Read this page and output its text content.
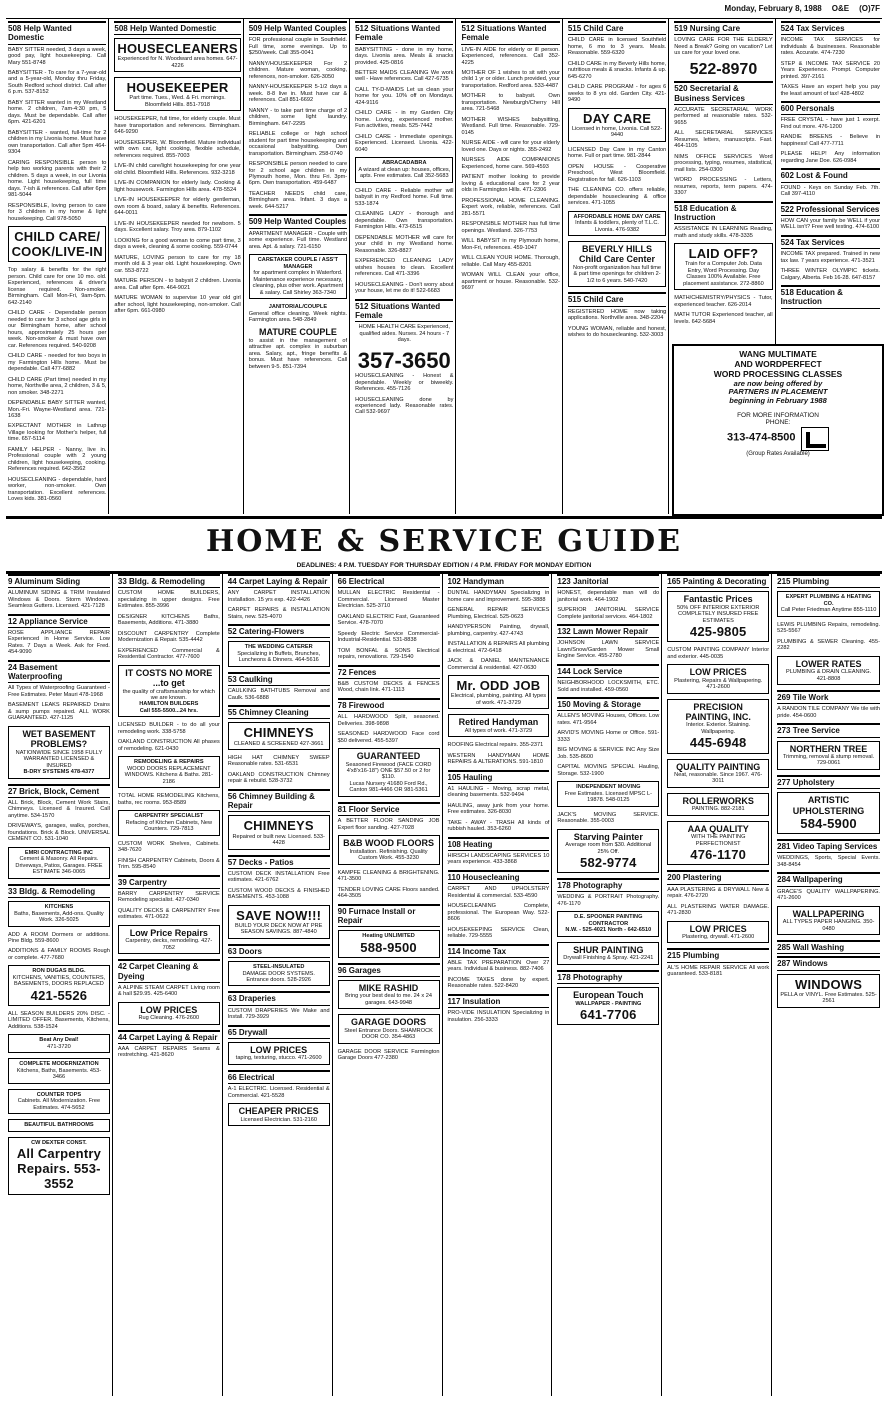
Monday, February 8, 1988 O&E (O)7F
508 Help Wanted Domestic

BABY SITTER needed, 3 days a week, good pay, light housekeeping. Call Mary 551-8748

BABYSITTER - To care for a 7-year-old and a 5-year-old, Monday thru Friday, South Redford school district. Call after 6 p.m. 537-8152

BABY SITTER wanted in my Westland home. 2 children, 7am-4:30 pm, 5 days. Must be dependable. Call after 6pm. 421-6201

BABYSITTER - wanted, full-time for 2 children in my Livonia home. Must have own transportation. Call after 5pm 464-9304

CARING RESPONSIBLE person to help two working parents with their 2 children. 5 days a week, in our Livonia home. Light housekeeping, full time days. 7-ish & references. Call after 6pm 981-5044

RESPONSIBLE, loving person to care for 3 children in my home & light housekeeping. Call 978-5050

CHILD CARE/ COOK/LIVE-IN

Top salary & benefits for the right person. Child care for one 10 mo. old. Experienced, references & driver's license required. Non-smoker. Birmingham. Call Mon-Fri, 9am-5pm. 642-2140

CHILD CARE - Dependable person needed to care for 3 school age girls in our Birmingham home, after school hours, approximately 25 hours per week. Non-smoker & must have own car. References required. 540-9208

CHILD CARE - needed for two boys in my Farmington Hills home. Must be dependable. Call 477-6882

CHILD CARE (Part time) needed in my home, Northville area, 2 children, 3 & 5, non smoker. 348-2271

DEPENDABLE BABY SITTER wanted, Mon.-Fri. Wayne-Westland area. 721-1638

EXPECTANT MOTHER in Lathrup Village looking for Mother's helper, full time. 657-5114

FAMILY HELPER - Nanny, live in. Professional couple with 2 young children, light housekeeping, cooking. References required. 642-3562

HOUSECLEANING - dependable, hard worker, non-smoker. Own transportation. Excellent references. Loves kids. 381-0560

508 Help Wanted Domestic
HOUSECLEANERS
Experienced for N. Woodward area homes. 647-4226
HOUSEKEEPER
Part time. Tues., Wed. & Fri. mornings. Bloomfield Hills. 851-7918

HOUSEKEEPER, full time, for elderly couple. Must have transportation and references. Birmingham. 646-9290

HOUSEKEEPER, W. Bloomfield. Mature individual with own car, light cooking, flexible schedule, references required. 855-7003

LIVE-IN child care/light housekeeping for one year old child. Bloomfield Hills. References. 932-3218

LIVE-IN COMPANION for elderly lady. Cooking & light housework. Farmington Hills area. 478-5524

LIVE-IN HOUSEKEEPER for elderly gentleman, own room & board, salary & benefits. References. 644-0011

LIVE-IN HOUSEKEEPER needed for newborn. 5 days. Excellent salary. Troy area. 879-1102

LOOKING for a good woman to come part time, 3 days a week, cleaning & some cooking. 559-0744

MATURE, LOVING person to care for my 18 month old & 3 year old. Light housekeeping. Own car. 553-8722

MATURE PERSON - to babysit 2 children. Livonia area. Call after 6pm. 464-9021

MATURE WOMAN to supervise 10 year old girl after school, light housekeeping, non-smoker. Call after 6pm. 661-0980

509 Help Wanted Couples

FOR professional couple in Southfield. Full time, some evenings. Up to $250/week. Call 355-0041

NANNY/HOUSEKEEPER For 2 children. Mature woman, cooking, references, non-smoker. 626-3050

NANNY-HOUSEKEEPER 5-1/2 days a week. 8-8 live in. Must have car & references. Call 851-6692

NANNY - to take part time charge of 2 children, some light laundry. Birmingham. 647-2295

RELIABLE college or high school student for part time housekeeping and occasional babysitting. Own transportation. Birmingham. 258-0740

RESPONSIBLE person needed to care for 2 school age children in my Plymouth home, Mon. thru Fri. 3pm-6pm. Own transportation. 459-6487

TEACHER NEEDS child care, Birmingham area. Infant. 3 days a week. 644-5217

509 Help Wanted Couples

APARTMENT MANAGER - Couple with some experience. Full time. Westland area. Apt. & salary. 721-6150

CARETAKER COUPLE / ASS'T MANAGER
for apartment complex in Waterford. Maintenance experience necessary, cleaning, plus other work. Apartment & salary. Call Shirley 363-7340
JANITORIAL/COUPLE

General office cleaning. Week nights. Farmington area. 548-2849

MATURE COUPLE

to assist in the management of attractive apt. complex in suburban area. Salary, apt., fringe benefits & bonus. Must have references. Call between 9-5. 851-7394

512 Situations Wanted Female

BABYSITTING - done in my home, days. Livonia area. Meals & snacks provided. 425-0816

BETTER MAIDS CLEANING We work well - Have references. Call 427-6735

CALL TY-D-MAIDS Let us clean your home for you. 10% off on Mondays. 424-9116

CHILD CARE - in my Garden City home. Loving, experienced mother. Fun activities, meals. 525-7442

CHILD CARE - Immediate openings. Experienced. Licensed. Livonia. 422-6040

ABRACADABRA
A wizard at clean up: houses, offices, apts. Free estimates. Call 352-5683

CHILD CARE - Reliable mother will babysit in my Redford home. Full time. 533-1874

CLEANING LADY - thorough and dependable. Own transportation. Farmington Hills. 473-6515

DEPENDABLE MOTHER will care for your child in my Westland home. Reasonable. 326-8827

EXPERIENCED CLEANING LADY wishes houses to clean. Excellent references. Call 471-3396

HOUSECLEANING - Don't worry about your house, let me do it! 522-6683

512 Situations Wanted Female

HOME HEALTH CARE Experienced, qualified aides. Nurses. 24 hours - 7 days.

357-3650

HOUSECLEANING - Honest & dependable. Weekly or biweekly. References. 455-7126

HOUSECLEANING done by experienced lady. Reasonable rates. Call 532-9697

512 Situations Wanted Female

LIVE-IN AIDE for elderly or ill person. Experienced, references. Call 352-4225

MOTHER OF 1 wishes to sit with your child 1 yr or older. Lunch provided, your transportation. Redford area. 533-4487

MOTHER to babysit. Own transportation. Newburgh/Cherry Hill area. 721-5468

MOTHER WISHES babysitting, Westland. Full time. Reasonable. 729-0145

NURSE AIDE - will care for your elderly loved one. Days or nights. 355-2492

NURSES AIDE COMPANIONS Experienced, home care. 569-4593

PATIENT mother looking to provide loving & educational care for 2 year olds in Farmington Hills. 471-2306

PROFESSIONAL HOME CLEANING. Expert work, reliable, references. Call 281-5571

RESPONSIBLE MOTHER has full time openings. Westland. 326-7753

WILL BABYSIT in my Plymouth home, Mon-Fri, references. 459-1047

WILL CLEAN YOUR HOME. Thorough, reliable. Call Mary 455-8201

WOMAN WILL CLEAN your office, apartment or house. Reasonable. 532-9697

515 Child Care

CHILD CARE in licensed Southfield home, 6 mo to 3 years. Meals. Reasonable. 559-6320

CHILD CARE in my Beverly Hills home, nutritious meals & snacks. Infants & up. 645-6270

CHILD CARE PROGRAM - for ages 6 weeks to 8 yrs old. Garden City. 421-9490

DAY CARE
Licensed in home, Livonia. Call 522-9440

LICENSED Day Care in my Canton home. Full or part time. 981-2844

OPEN HOUSE - Cooperative Preschool, West Bloomfield. Registration for fall. 626-1103

THE CLEANING CO. offers reliable, dependable housecleaning & office services. 471-1055

AFFORDABLE HOME DAY CARE
Infants & toddlers, plenty of T.L.C. Livonia. 476-9382
BEVERLY HILLS Child Care Center
Non-profit organization has full time & part time openings for children 2-1/2 to 6 years. 540-7420
515 Child Care

REGISTERED HOME now taking applications. Northville area. 348-2204

YOUNG WOMAN, reliable and honest, wishes to do housecleaning. 532-3003

519 Nursing Care

LOVING CARE FOR THE ELDERLY Need a Break? Going on vacation? Let us care for your loved one.

522-8970
520 Secretarial & Business Services

ACCURATE SECRETARIAL WORK performed at reasonable rates. 532-9655

ALL SECRETARIAL SERVICES Resumes, letters, manuscripts. Fast. 464-1105

NIMS OFFICE SERVICES Word processing, typing, resumes, statistical, mail lists. 254-0300

WORD PROCESSING - Letters, resumes, reports, term papers. 474-3307

518 Education & Instruction

ASSISTANCE IN LEARNING Reading, math and study skills. 478-3335

LAID OFF?
Train for a Computer Job. Data Entry, Word Processing. Day Classes 100% Available. Free placement assistance. 272-8860

MATH/CHEMISTRY/PHYSICS - Tutor, experienced teacher. 626-2014

MATH TUTOR Experienced teacher, all levels. 642-5684

524 Tax Services

INCOME TAX SERVICES for individuals & businesses. Reasonable rates. Accurate. 474-7230

STEP & INCOME TAX SERVICE 20 Years Experience. Prompt. Computer printed. 397-2161

TAXES Have an expert help you pay the least amount of tax! 428-4802

600 Personals

FREE CRYSTAL - have just 1 exerpt. Find out more. 476-1200

RANDIE BREENS - Believe in happiness! Call 477-7711

PLEASE HELP! Any information regarding Jane Doe. 626-0984

602 Lost & Found

FOUND - Keys on Sunday Feb. 7th. Call 397-4110

522 Professional Services

HOW CAN your family be WELL if your WELL isn't? Free well testing. 474-6100

524 Tax Services

INCOME TAX prepared. Trained in new tax law. 7 years experience. 471-3521

THREE WINTER OLYMPIC tickets. Calgary, Alberta. Feb 16-28. 647-8157

518 Education & Instruction
WANG MULTIMATE
AND WORDPERFECT
WORD PROCESSING CLASSES
are now being offered by
PARTNERS IN PLACEMENT
beginning in February 1988
FOR MORE INFORMATION
PHONE:
313-474-8500
(Group Rates Available)
HOME & SERVICE GUIDE
DEADLINES: 4 P.M. TUESDAY FOR THURSDAY EDITION / 4 P.M. FRIDAY FOR MONDAY EDITION
9 Aluminum Siding

ALUMINUM SIDING & TRIM Insulated Windows & Doors. Storm Windows. Seamless Gutters. Licensed. 421-7128

12 Appliance Service

ROSE APPLIANCE REPAIR Experienced in Home Service. Low Rates. 7 Days a Week. Ask for Fred. 454-9090

24 Basement Waterproofing

All Types of Waterproofing Guaranteed - Free Estimates. Peter Mauri 478-1968

BASEMENT LEAKS REPAIRED Drains & sump pumps repaired. ALL WORK GUARANTEED. 427-1125

WET BASEMENT PROBLEMS?
NATIONWIDE SINCE 1958 FULLY WARRANTED LICENSED & INSURED
B-DRY SYSTEMS 478-4377
27 Brick, Block, Cement

ALL Brick, Block, Cement Work Stairs, Chimneys. Licensed & Insured. Call anytime. 534-1570

DRIVEWAYS, garages, walks, porches, foundations. Brick & Block. UNIVERSAL CEMENT CO. 531-1040

EMRI CONTRACTING INC
Cement & Masonry. All Repairs. Driveways, Patios, Garages. FREE ESTIMATE 346-0065
33 Bldg. & Remodeling
KITCHENS
Baths, Basements, Add-ons. Quality Work. 326-5025

ADD A ROOM Dormers or additions. Pine Bldg. 559-8600

ADDITIONS & FAMILY ROOMS Rough or complete. 477-7680

RON DUGAS BLDG.
KITCHENS, VANITIES, COUNTERS, BASEMENTS, DOORS REPLACED
421-5526

ALL SEASON BUILDERS 20% DISC. - LIMITED OFFER. Basements, Kitchens, Additions. 538-1524

Beat Any Deal!
471-3720
COMPLETE MODERNIZATION
Kitchens, Baths, Basements. 453-3466
COUNTER TOPS
Cabinets. All Modernization. Free Estimates. 474-5652
BEAUTIFUL BATHROOMS
CW DEXTER CONST.
All Carpentry Repairs. 553-3552
33 Bldg. & Remodeling

CUSTOM HOME BUILDERS, specializing in upper designs. Free Estimates. 855-3996

DESIGNER KITCHENS Baths, Basements, Additions. 471-3880

DISCOUNT CARPENTRY Complete Modernization & Repair. 535-4442

EXPERIENCED Commercial & Residential Contractor. 477-7600

IT COSTS NO MORE ...to get
the quality of craftsmanship for which we are known.
HAMILTON BUILDERS
Call 555-5500...24 hrs.

LICENSED BUILDER - to do all your remodeling work. 338-5758

OAKLAND CONSTRUCTION All phases of remodeling. 621-0430

REMODELING & REPAIRS
WOOD DOORS REPLACEMENT WINDOWS. Kitchens & Baths. 281-2186

TOTAL HOME REMODELING Kitchens, baths, rec rooms. 953-8589

CARPENTRY SPECIALIST
Refacing of Kitchen Cabinets, New Counters. 729-7813

CUSTOM WORK Shelves, Cabinets. 348-7620

FINISH CARPENTRY Cabinets, Doors & Trim. 595-8540

39 Carpentry

BARRY CARPENTRY SERVICE Remodeling specialist. 427-0340

QUALITY DECKS & CARPENTRY Free estimates. 471-0622

Low Price Repairs
Carpentry, decks, remodeling. 427-7052
42 Carpet Cleaning & Dyeing

A ALPINE STEAM CARPET Living room & hall $29.95. 425-6400

LOW PRICES
Rug Cleaning. 476-2600
44 Carpet Laying & Repair

AAA CARPET REPAIRS Seams & restretching. 421-8620

44 Carpet Laying & Repair

ANY CARPET INSTALLATION Installation. 15 yrs exp. 422-4426

CARPET REPAIRS & INSTALLATION Stairs, new. 525-4070

52 Catering-Flowers
THE WEDDING CATERER
Specializing in Buffets, Brunches, Luncheons & Dinners. 464-5616
53 Caulking

CAULKING BATHTUBS Removal and Caulk. 536-6888

55 Chimney Cleaning
CHIMNEYS
CLEANED & SCREENED 427-3661

HIGH HAT CHIMNEY SWEEP Reasonable rates. 531-6531

OAKLAND CONSTRUCTION Chimney repair & rebuild. 528-3732

56 Chimney Building & Repair
CHIMNEYS
Repaired or built new. Licensed. 533-4428
57 Decks - Patios

CUSTOM DECK INSTALLATION Free estimates. 421-6762

CUSTOM WOOD DECKS & FINISHED BASEMENTS. 453-1088

SAVE NOW!!!
BUILD YOUR DECK NOW AT PRE SEASON SAVINGS. 887-4840
63 Doors
STEEL-INSULATED
DAMAGE DOOR SYSTEMS. Entrance doors. 528-2926
63 Draperies

CUSTOM DRAPERIES We Make and Install. 729-3929

65 Drywall
LOW PRICES
taping, texturing, stucco. 471-2600
66 Electrical

A-1 ELECTRIC. Licensed. Residential & Commercial. 421-5528

CHEAPER PRICES
Licensed Electrician. 531-2160
66 Electrical

MULLAN ELECTRIC Residential - Commercial. Licensed Master Electrician. 525-3710

OAKLAND ELECTRIC Fast, Guaranteed Service. 478-7070

Speedy Electric Service Commercial-Industrial-Residential. 531-8838

TOM BONFAL & SONS Electrical repairs, renovations. 729-1540

72 Fences

B&B CUSTOM DECKS & FENCES Wood, chain link. 471-1113

78 Firewood

ALL HARDWOOD Split, seasoned. Deliveries. 398-9898

SEASONED HARDWOOD Face cord $50 delivered. 455-5397

GUARANTEED
Seasoned Firewood (FACE CORD 4'x8'x16-18") ONE $57.50 or 2 for $110.
Lucas Nursery 41680 Ford Rd., Canton 981-4466 OR 981-5361
81 Floor Service

A BETTER FLOOR SANDING JOB Expert floor sanding. 427-7028

B&B WOOD FLOORS
Installation. Refinishing. Quality Custom Work. 455-3230

KAMPFE CLEANING & BRIGHTENING. 471-3500

TENDER LOVING CARE Floors sanded. 464-3505

90 Furnace Install or Repair
Heating UNLIMITED
588-9500
96 Garages
MIKE RASHID
Bring your best deal to me. 24 x 24 garages. 643-9948
GARAGE DOORS
Steel Entrance Doors. SHAMROCK DOOR CO. 354-4863

GARAGE DOOR SERVICE Farmington Garage Doors 477-2380

102 Handyman

DUNTAL HANDYMAN Specializing in home care and improvement. 595-3888

GENERAL REPAIR SERVICES Plumbing, Electrical. 525-0623

HANDYPERSON Painting, drywall, plumbing, carpentry. 427-4743

INSTALLATION & REPAIRS All plumbing & electrical. 472-6418

JACK & DANIEL MAINTENANCE Commercial & residential. 427-0630

Mr. ODD JOB
Electrical, plumbing, painting. All types of work. 471-3729
Retired Handyman
All types of work. 471-3729

ROOFING Electrical repairs. 355-2371

WESTERN HANDYMAN HOME REPAIRS & ALTERATIONS. 591-1810

105 Hauling

A1 HAULING - Moving, scrap metal, cleaning basements. 532-9494

HAULING, away junk from your home. Free estimates. 326-8030

TAKE - AWAY - TRASH All kinds of rubbish hauled. 353-6260

108 Heating

HIRSCH LANDSCAPING SERVICES 10 years experience. 433-3868

110 Housecleaning

CARPET AND UPHOLSTERY Residential & commercial. 533-4590

HOUSECLEANING Complete, professional. The European Way. 522-8606

HOUSEKEEPING SERVICE Clean, reliable. 729-5555

114 Income Tax

ABLE TAX PREPARATION Over 27 years. Individual & business. 882-7406

INCOME TAXES done by expert. Reasonable rates. 522-8420

117 Insulation

PRO-VIDE INSULATION Specializing in insulation. 256-3333

123 Janitorial

HONEST, dependable man will do janitorial work. 464-1902

SUPERIOR JANITORIAL SERVICE Complete janitorial services. 464-1802

132 Lawn Mower Repair

JOHNSON LAWN SERVICE Lawn/Snow/Garden Mower Small Engine Service. 455-2780

144 Lock Service

NEIGHBORHOOD LOCKSMITH, ETC. Sold and installed. 459-0560

150 Moving & Storage

ALLEN'S MOVING Houses, Offices. Low rates. 471-9564

ARVID'S MOVING Home or Office. 591-3333

BIG MOVING & SERVICE INC Any Size Job. 535-8600

CAPITAL MOVING SPECIAL Hauling, Storage. 532-1900

INDEPENDENT MOVING
Free Estimates. Licensed MPSC L-19878. 548-0125

JACK'S MOVING SERVICE. Reasonable. 355-0003

Starving Painter
Average room from $30. Additional 25% Off.
582-9774
178 Photography

WEDDING & PORTRAIT Photography. 476-1170

D.E. SPOONER PAINTING CONTRACTOR
N.W. - 525-4021 North - 642-6510
SHUR PAINTING
Drywall Finishing & Spray. 421-2241
178 Photography
European Touch
WALLPAPER - PAINTING
641-7706
165 Painting & Decorating
Fantastic Prices
50% OFF INTERIOR EXTERIOR COMPLETELY INSURED FREE ESTIMATES
425-9805

CUSTOM PAINTING COMPANY Interior and exterior. 445-0035

LOW PRICES
Plastering, Repairs & Wallpapering. 471-2600
PRECISION PAINTING, INC.
Interior. Exterior. Staining. Wallpapering.
445-6948
QUALITY PAINTING
Neat, reasonable. Since 1967. 476-3011
ROLLERWORKS
PAINTING. 882-2181
AAA QUALITY
WITH THE PAINTING PERFECTIONIST
476-1170
200 Plastering

AAA PLASTERING & DRYWALL New & repair. 476-2720

ALL PLASTERING WATER DAMAGE. 471-2830

LOW PRICES
Plastering, drywall. 471-2600
215 Plumbing

AL'S HOME REPAIR SERVICE All work guaranteed. 533-8181

215 Plumbing
EXPERT PLUMBING & HEATING CO.
Call Peter Friedman Anytime 855-1110

LEWIS PLUMBING Repairs, remodeling. 525-5567

PLUMBING & SEWER Cleaning. 455-2282

LOWER RATES
PLUMBING & DRAIN CLEANING. 421-8808
269 Tile Work

A RANDON TILE COMPANY We tile with pride. 454-0600

273 Tree Service
NORTHERN TREE
Trimming, removal & stump removal. 729-0061
277 Upholstery
ARTISTIC UPHOLSTERING
584-5900
281 Video Taping Services

WEDDINGS, Sports, Special Events. 348-8454

284 Wallpapering

GRACE'S QUALITY WALLPAPERING. 471-2600

WALLPAPERING
ALL TYPES PAPER HANGING. 350-0480
285 Wall Washing
287 Windows
WINDOWS
PELLA or VINYL. Free Estimates. 525-2561
